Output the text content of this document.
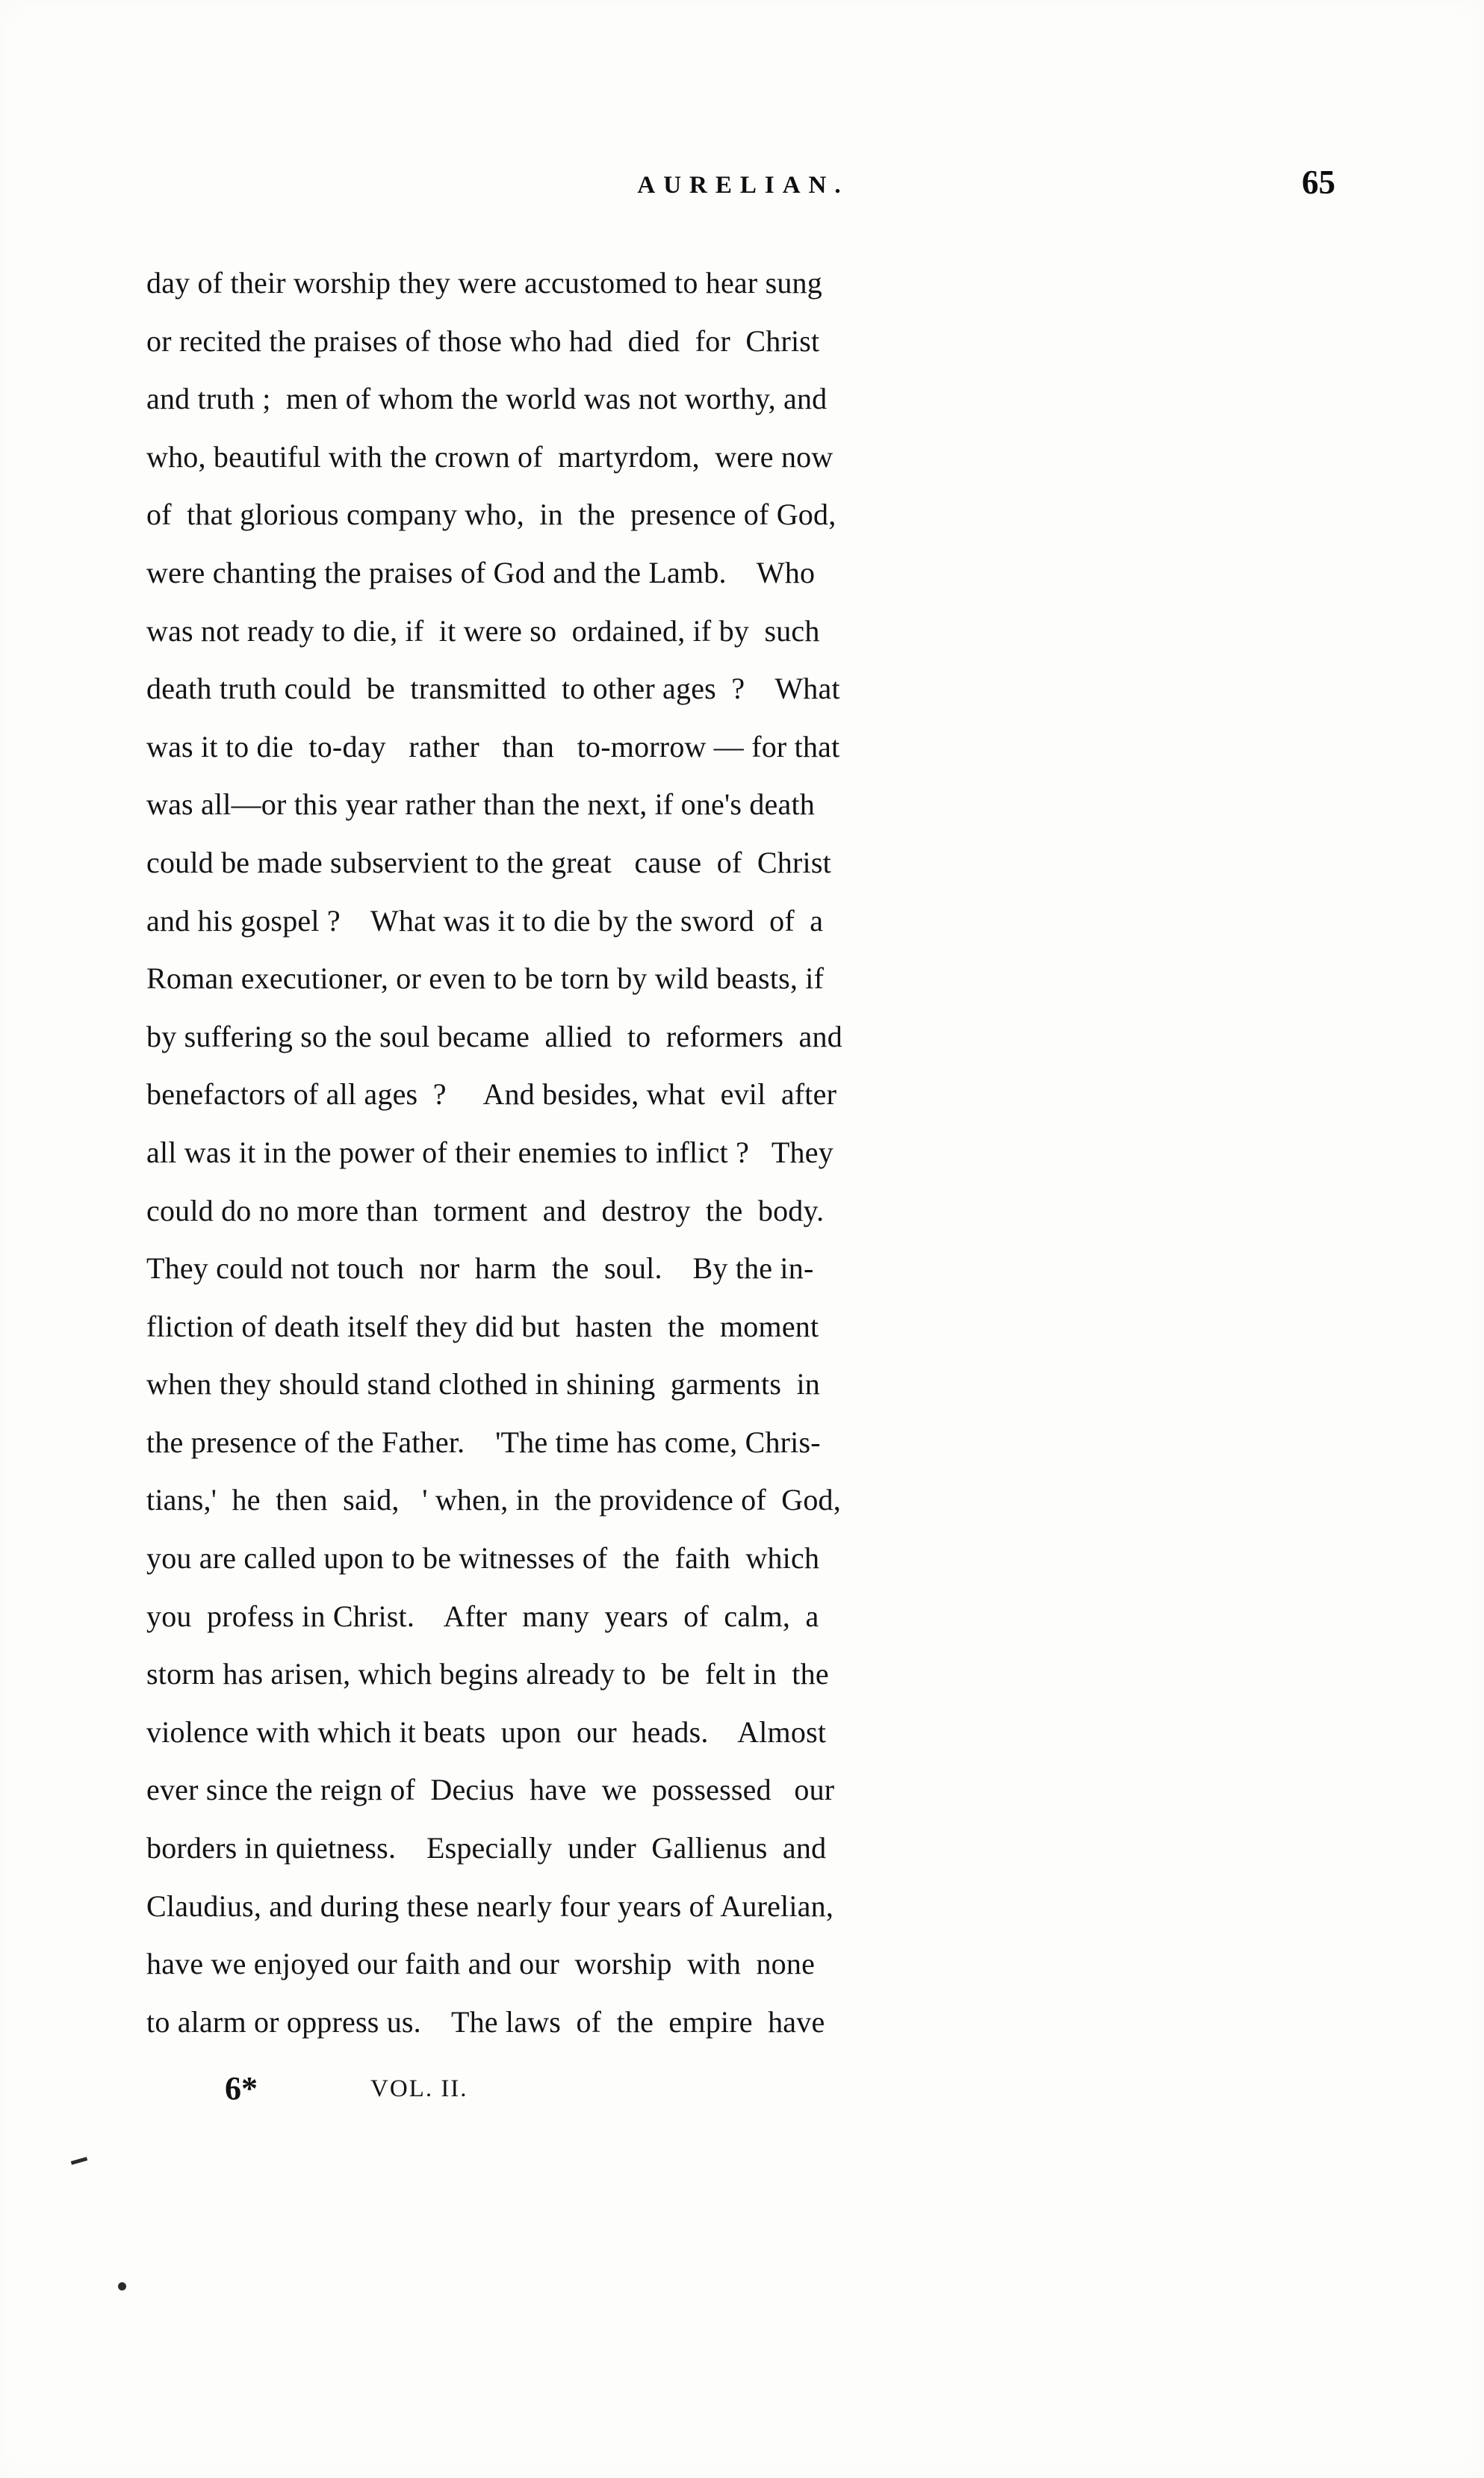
AURELIAN.	65
day of their worship they were accustomed to hear sung
or recited the praises of those who had  died  for  Christ
and truth ;  men of whom the world was not worthy, and
who, beautiful with the crown of  martyrdom,  were now
of  that glorious company who,  in  the  presence of God,
were chanting the praises of God and the Lamb.    Who
was not ready to die, if  it were so  ordained, if by  such
death truth could  be  transmitted  to other ages  ?    What
was it to die  to-day   rather   than   to-morrow — for that
was all—or this year rather than the next, if one's death
could be made subservient to the great   cause  of  Christ
and his gospel ?    What was it to die by the sword  of  a
Roman executioner, or even to be torn by wild beasts, if
by suffering so the soul became  allied  to  reformers  and
benefactors of all ages  ?     And besides, what  evil  after
all was it in the power of their enemies to inflict ?   They
could do no more than  torment  and  destroy  the  body.
They could not touch  nor  harm  the  soul.    By the in-
fliction of death itself they did but  hasten  the  moment
when they should stand clothed in shining  garments  in
the presence of the Father.    'The time has come, Chris-
tians,'  he  then  said,   ' when, in  the providence of  God,
you are called upon to be witnesses of  the  faith  which
you  profess in Christ.    After  many  years  of  calm,  a
storm has arisen, which begins already to  be  felt in  the
violence with which it beats  upon  our  heads.    Almost
ever since the reign of  Decius  have  we  possessed   our
borders in quietness.    Especially  under  Gallienus  and
Claudius, and during these nearly four years of Aurelian,
have we enjoyed our faith and our  worship  with  none
to alarm or oppress us.    The laws  of  the  empire  have
6*	VOL. II.
